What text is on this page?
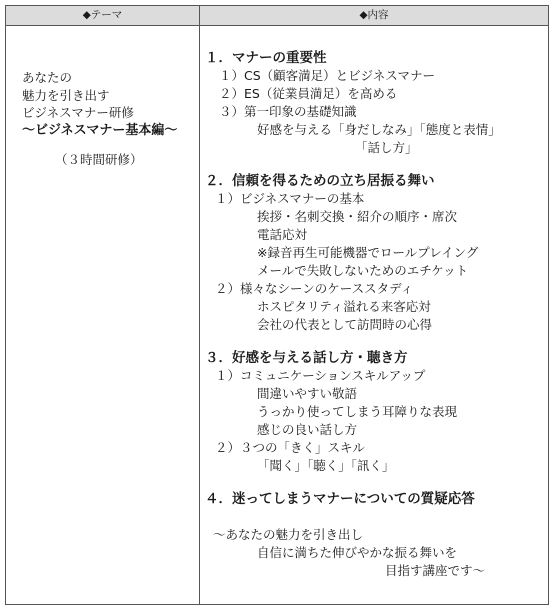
◆テーマ	◆内容
あなたの
魅力を引き出す
ビジネスマナー研修
～ビジネスマナー基本編～
（３時間研修）
１．マナーの重要性
１）CS（顧客満足）とビジネスマナー
２）ES（従業員満足）を高める
３）第一印象の基礎知識
好感を与える「身だしなみ」「態度と表情」
「話し方」
２．信頼を得るための立ち居振る舞い
１）ビジネスマナーの基本
挨拶・名刺交換・紹介の順序・席次
電話応対
※録音再生可能機器でロールプレイング
メールで失敗しないためのエチケット
２）様々なシーンのケーススタディ
ホスピタリティ溢れる来客応対
会社の代表として訪問時の心得
３．好感を与える話し方・聴き方
１）コミュニケーションスキルアップ
間違いやすい敬語
うっかり使ってしまう耳障りな表現
感じの良い話し方
２）３つの「きく」スキル
「聞く」「聴く」「訊く」
４．迷ってしまうマナーについての質疑応答
～あなたの魅力を引き出し
自信に満ちた伸びやかな振る舞いを
目指す講座です～
